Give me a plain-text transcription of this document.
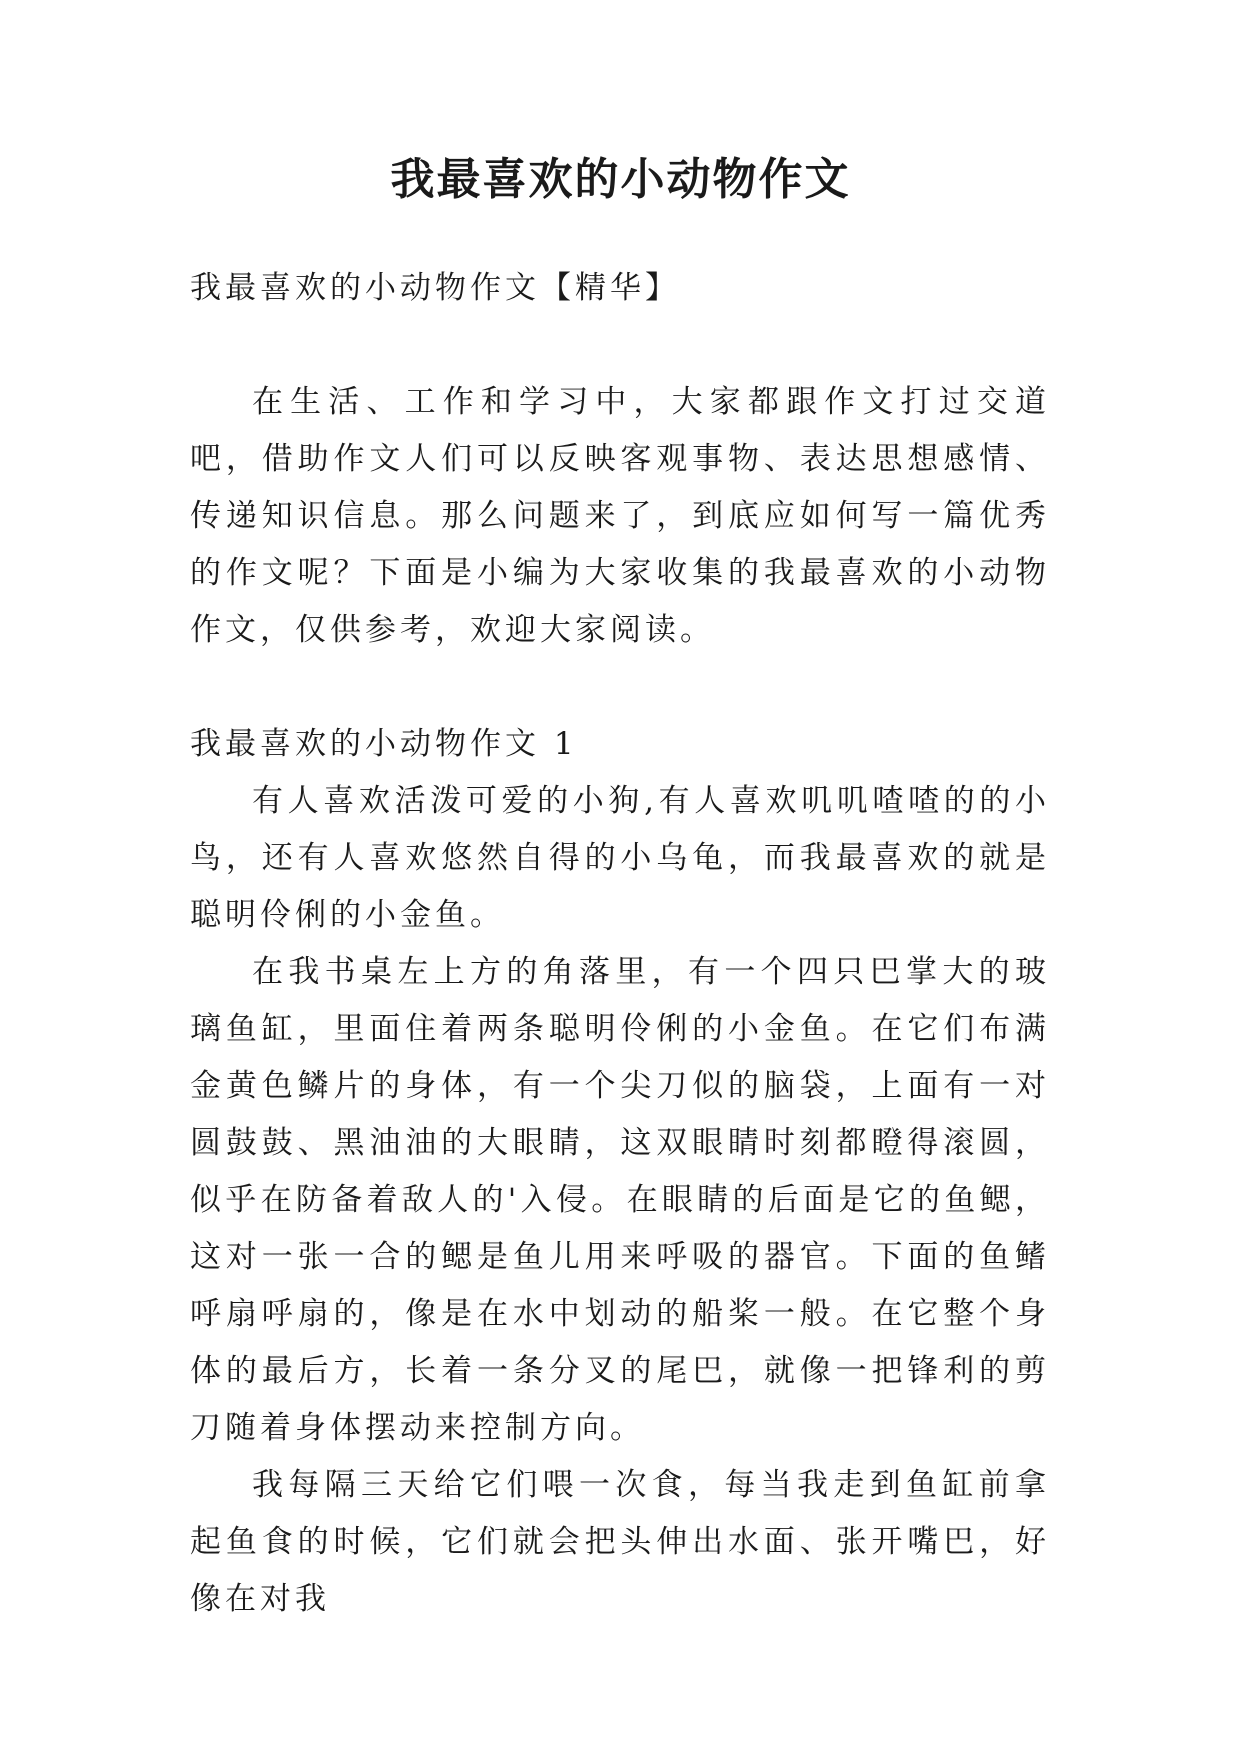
我最喜欢的小动物作文

我最喜欢的小动物作文【精华】

在生活、工作和学习中，大家都跟作文打过交道吧，借助作文人们可以反映客观事物、表达思想感情、传递知识信息。那么问题来了，到底应如何写一篇优秀的作文呢？下面是小编为大家收集的我最喜欢的小动物作文，仅供参考，欢迎大家阅读。

我最喜欢的小动物作文 1

有人喜欢活泼可爱的小狗,有人喜欢叽叽喳喳的的小鸟，还有人喜欢悠然自得的小乌龟，而我最喜欢的就是聪明伶俐的小金鱼。

在我书桌左上方的角落里，有一个四只巴掌大的玻璃鱼缸，里面住着两条聪明伶俐的小金鱼。在它们布满金黄色鳞片的身体，有一个尖刀似的脑袋，上面有一对圆鼓鼓、黑油油的大眼睛，这双眼睛时刻都瞪得滚圆，似乎在防备着敌人的'入侵。在眼睛的后面是它的鱼鳃，这对一张一合的鳃是鱼儿用来呼吸的器官。下面的鱼鳍呼扇呼扇的，像是在水中划动的船桨一般。在它整个身体的最后方，长着一条分叉的尾巴，就像一把锋利的剪刀随着身体摆动来控制方向。

我每隔三天给它们喂一次食，每当我走到鱼缸前拿起鱼食的时候，它们就会把头伸出水面、张开嘴巴，好像在对我
